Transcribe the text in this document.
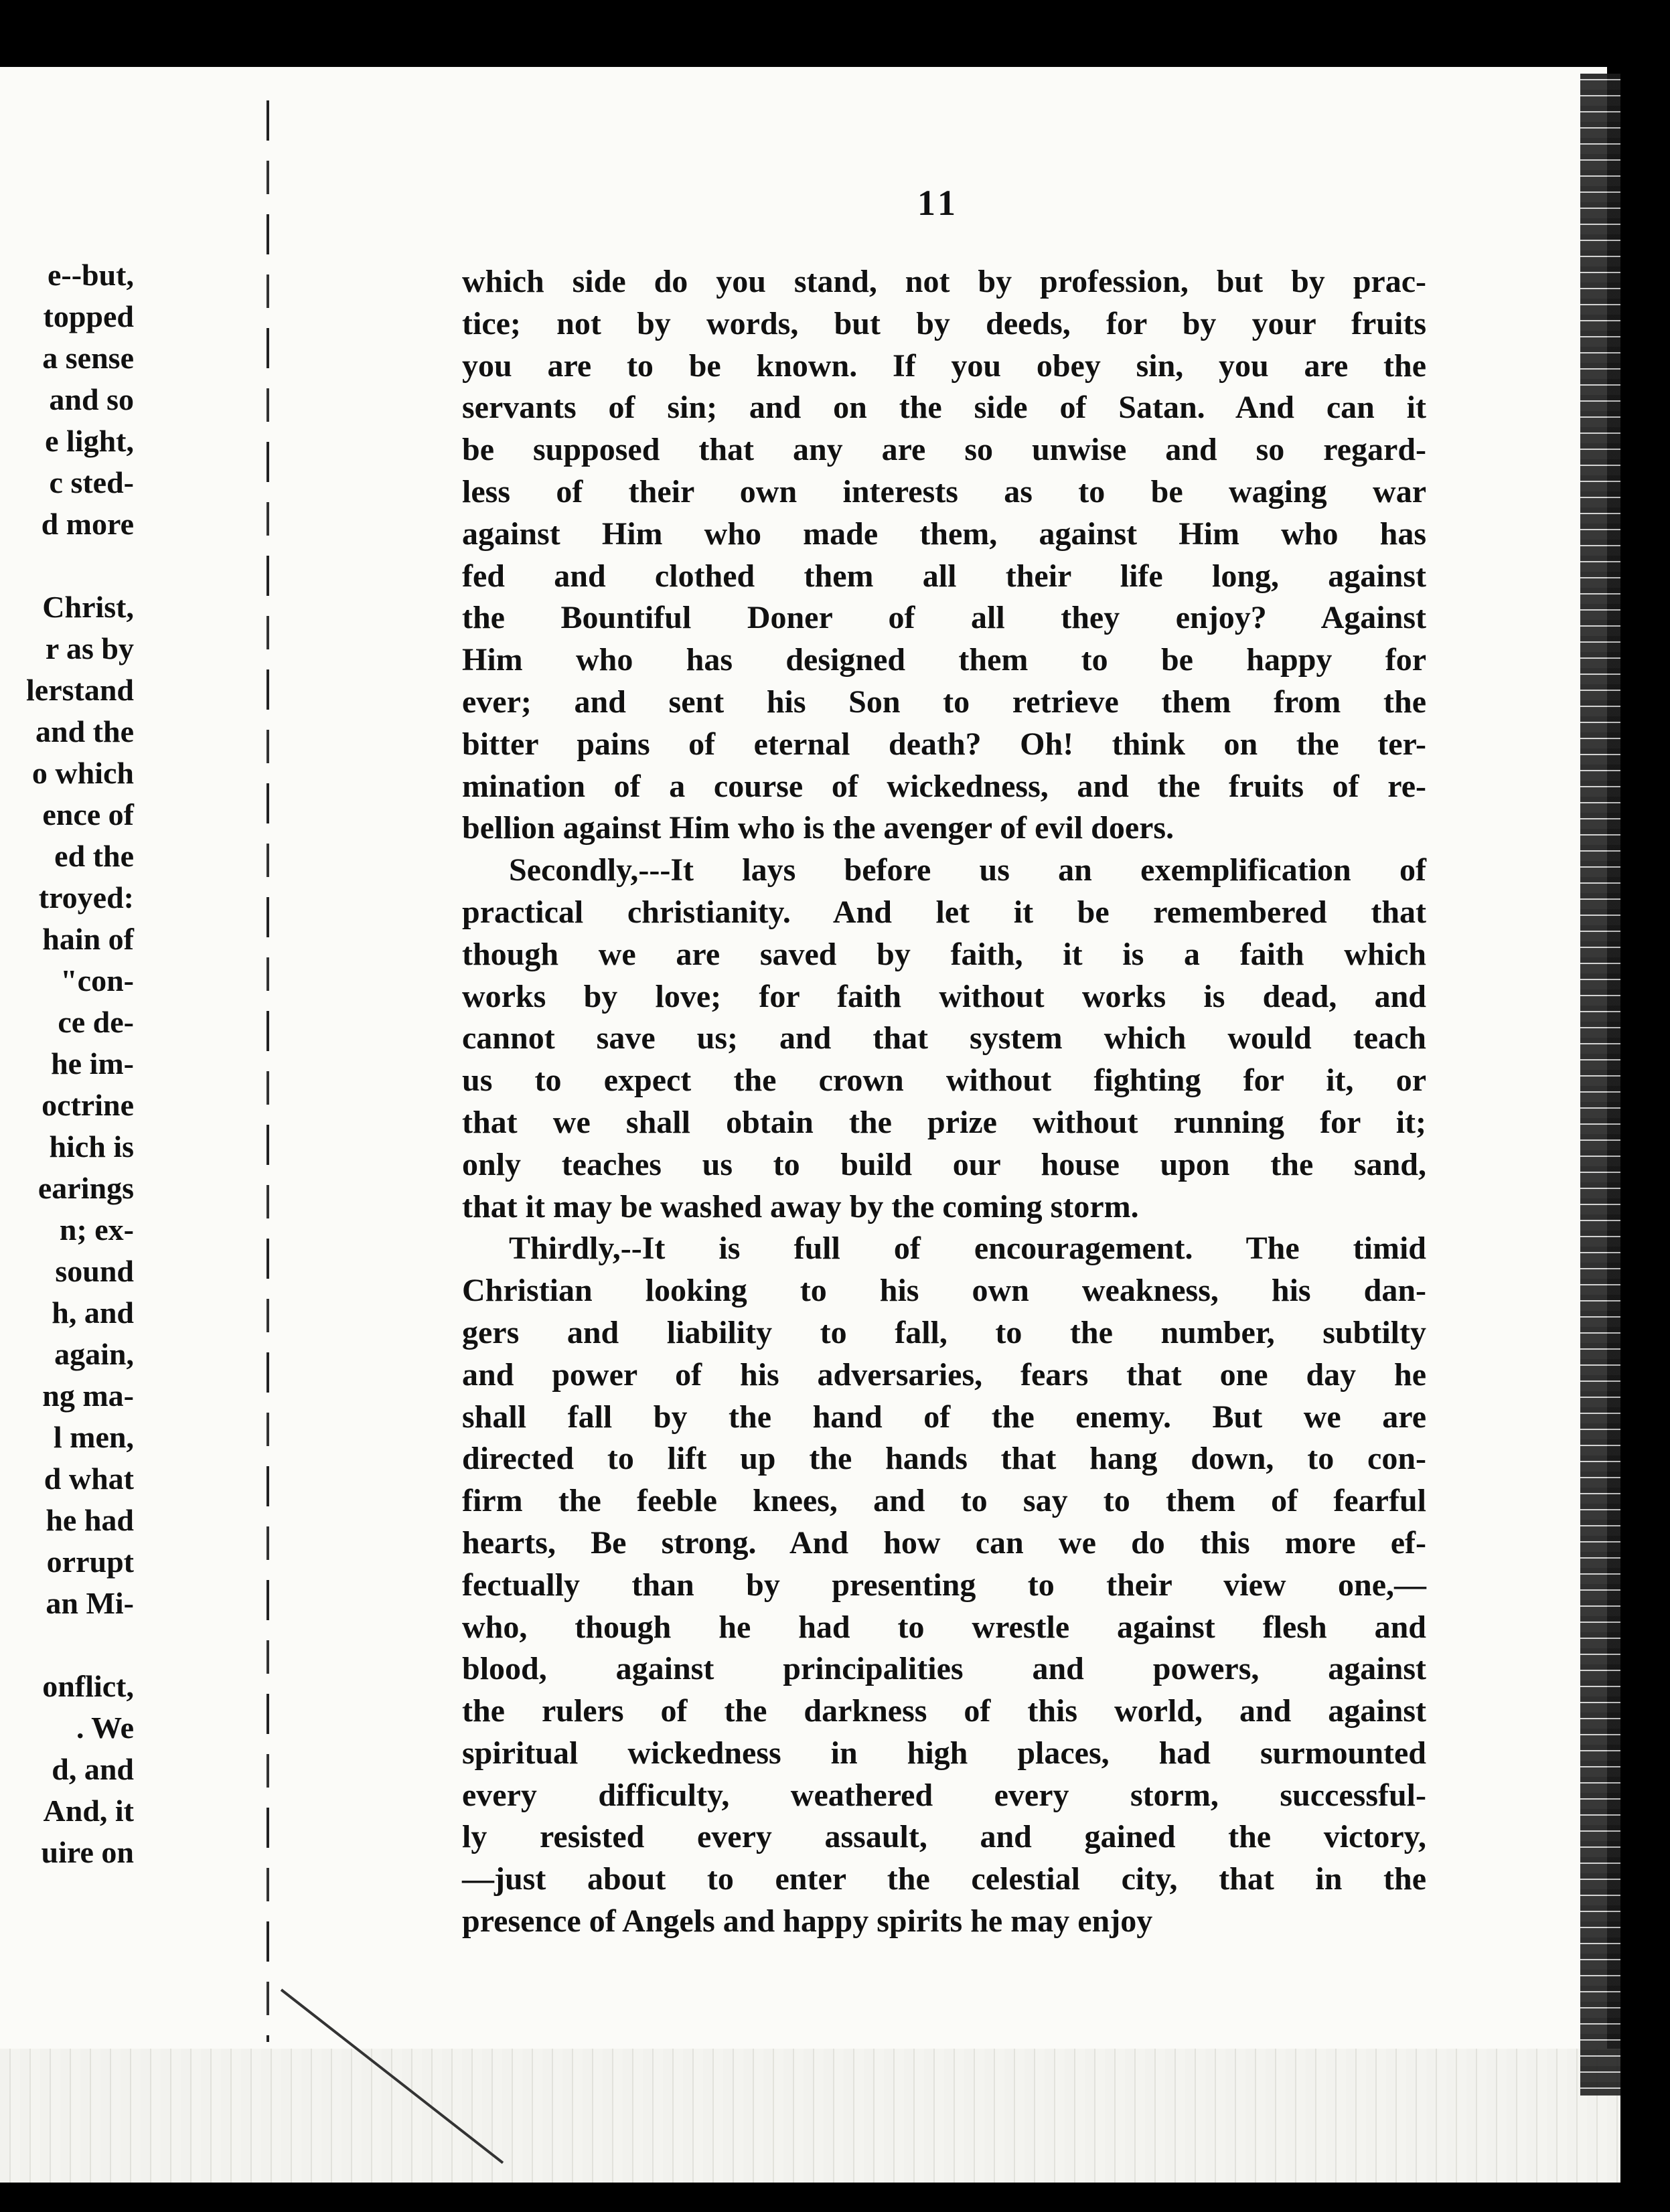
11
e--but,
topped
a sense
and so
e light,
c sted-
d more
Christ,
r as by
lerstand
and the
o which
ence of
ed the
troyed:
hain of
"con-
ce de-
he im-
octrine
hich is
earings
n; ex-
sound
h, and
again,
ng ma-
l men,
d what
he had
orrupt
an Mi-
onflict,
. We
d, and
And, it
uire on
which side do you stand, not by profession, but by prac-
tice; not by words, but by deeds, for by your fruits
you are to be known. If you obey sin, you are the
servants of sin; and on the side of Satan. And can it
be supposed that any are so unwise and so regard-
less of their own interests as to be waging war
against Him who made them, against Him who has
fed and clothed them all their life long, against
the Bountiful Doner of all they enjoy? Against
Him who has designed them to be happy for
ever; and sent his Son to retrieve them from the
bitter pains of eternal death? Oh! think on the ter-
mination of a course of wickedness, and the fruits of re-
bellion against Him who is the avenger of evil doers.
Secondly,---It lays before us an exemplification of
practical christianity. And let it be remembered that
though we are saved by faith, it is a faith which
works by love; for faith without works is dead, and
cannot save us; and that system which would teach
us to expect the crown without fighting for it, or
that we shall obtain the prize without running for it;
only teaches us to build our house upon the sand,
that it may be washed away by the coming storm.
Thirdly,--It is full of encouragement. The timid
Christian looking to his own weakness, his dan-
gers and liability to fall, to the number, subtilty
and power of his adversaries, fears that one day he
shall fall by the hand of the enemy. But we are
directed to lift up the hands that hang down, to con-
firm the feeble knees, and to say to them of fearful
hearts, Be strong. And how can we do this more ef-
fectually than by presenting to their view one,—
who, though he had to wrestle against flesh and
blood, against principalities and powers, against
the rulers of the darkness of this world, and against
spiritual wickedness in high places, had surmounted
every difficulty, weathered every storm, successful-
ly resisted every assault, and gained the victory,
—just about to enter the celestial city, that in the
presence of Angels and happy spirits he may enjoy
